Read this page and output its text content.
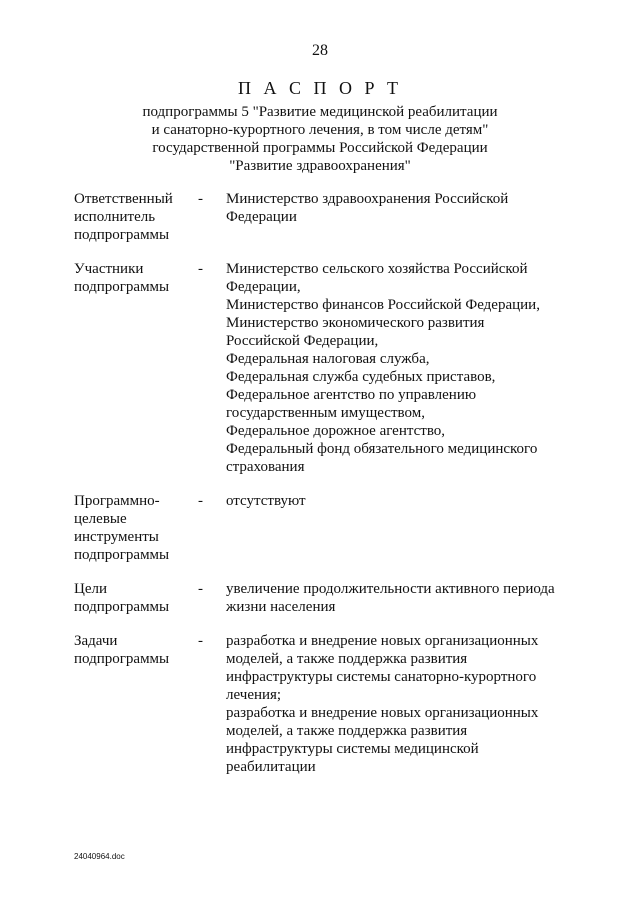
28
П А С П О Р Т
подпрограммы 5 "Развитие медицинской реабилитации
и санаторно-курортного лечения, в том числе детям"
государственной программы Российской Федерации
"Развитие здравоохранения"
Ответственный
исполнитель
подпрограммы
-	Министерство здравоохранения Российской
Федерации
Участники
подпрограммы
-	Министерство сельского хозяйства Российской
Федерации,
Министерство финансов Российской Федерации,
Министерство экономического развития
Российской Федерации,
Федеральная налоговая служба,
Федеральная служба судебных приставов,
Федеральное агентство по управлению
государственным имуществом,
Федеральное дорожное агентство,
Федеральный фонд обязательного медицинского
страхования
Программно-
целевые
инструменты
подпрограммы
-	отсутствуют
Цели
подпрограммы
-	увеличение продолжительности активного периода
жизни населения
Задачи
подпрограммы
-	разработка и внедрение новых организационных
моделей, а также поддержка развития
инфраструктуры системы санаторно-курортного
лечения;
разработка и внедрение новых организационных
моделей, а также поддержка развития
инфраструктуры системы медицинской
реабилитации
24040964.doc
